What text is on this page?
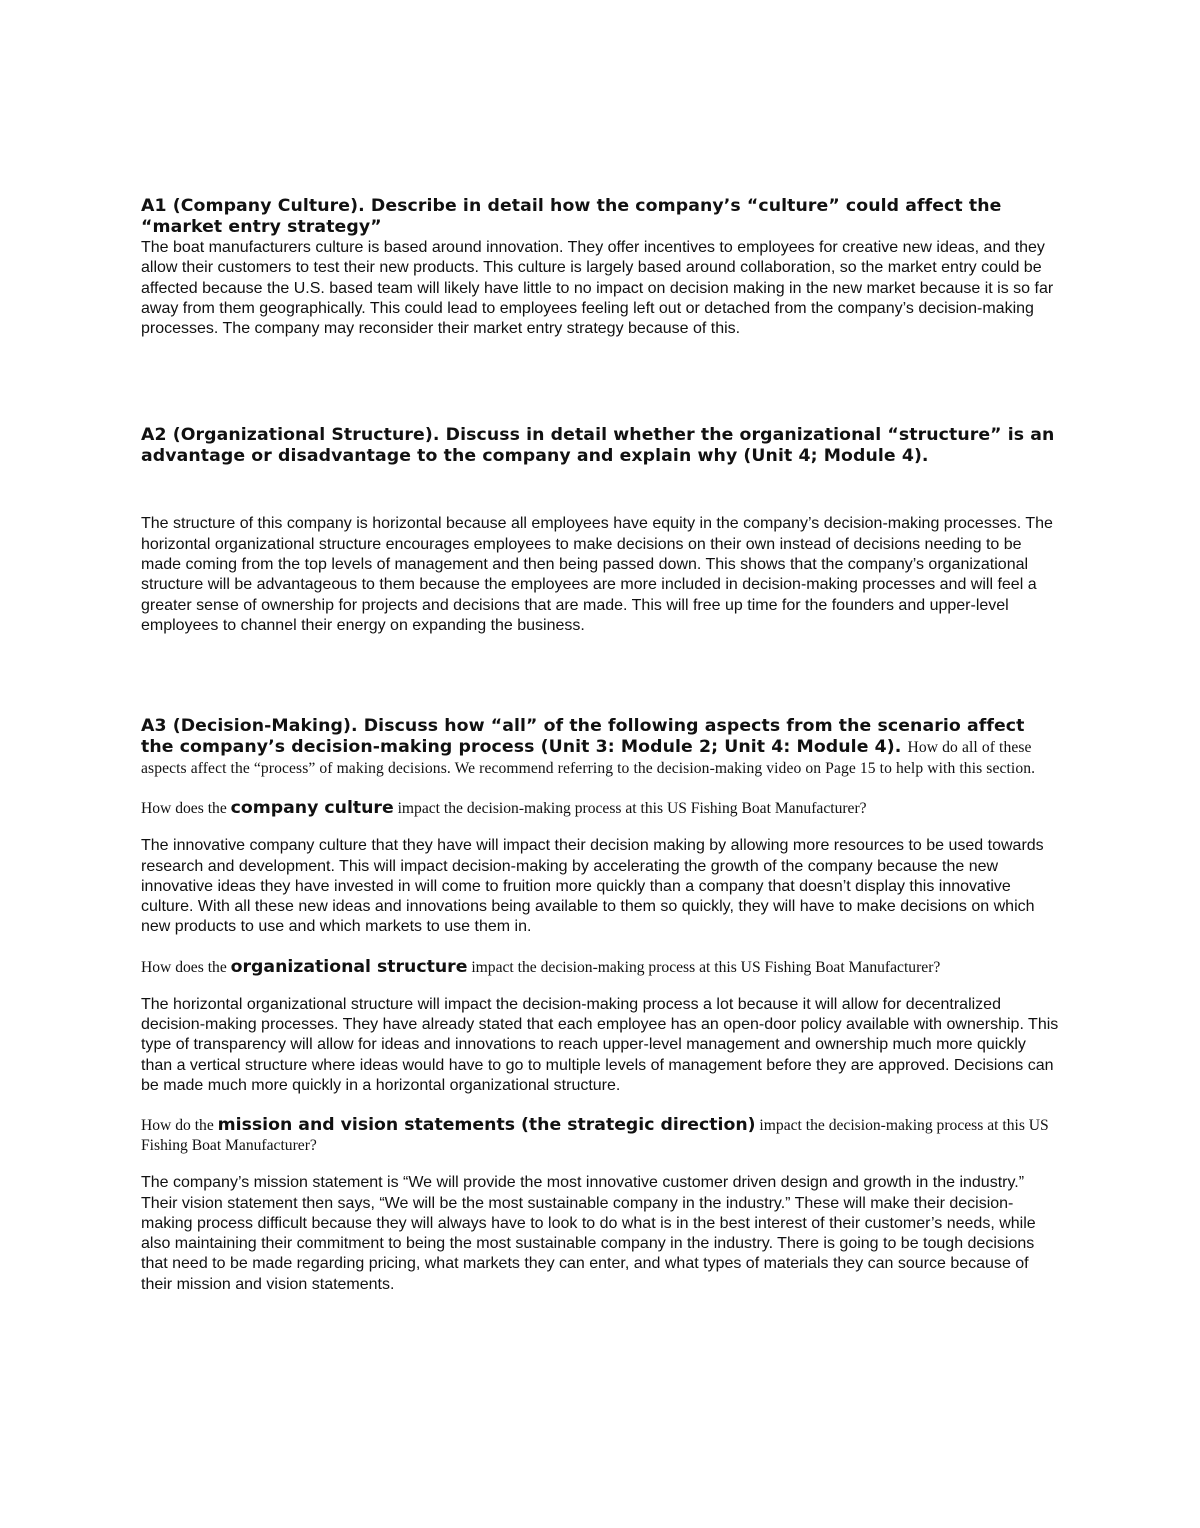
A1 (Company Culture). Describe in detail how the company’s “culture” could affect the “market entry strategy”

The boat manufacturers culture is based around innovation. They offer incentives to employees for creative new ideas, and they allow their customers to test their new products. This culture is largely based around collaboration, so the market entry could be affected because the U.S. based team will likely have little to no impact on decision making in the new market because it is so far away from them geographically. This could lead to employees feeling left out or detached from the company’s decision-making processes. The company may reconsider their market entry strategy because of this.

A2 (Organizational Structure). Discuss in detail whether the organizational “structure” is an advantage or disadvantage to the company and explain why (Unit 4; Module 4).

The structure of this company is horizontal because all employees have equity in the company’s decision-making processes. The horizontal organizational structure encourages employees to make decisions on their own instead of decisions needing to be made coming from the top levels of management and then being passed down. This shows that the company’s organizational structure will be advantageous to them because the employees are more included in decision-making processes and will feel a greater sense of ownership for projects and decisions that are made. This will free up time for the founders and upper-level employees to channel their energy on expanding the business.

A3 (Decision-Making). Discuss how “all” of the following aspects from the scenario affect the company’s decision-making process (Unit 3: Module 2; Unit 4: Module 4). How do all of these aspects affect the “process” of making decisions. We recommend referring to the decision-making video on Page 15 to help with this section.

How does the company culture impact the decision-making process at this US Fishing Boat Manufacturer?

The innovative company culture that they have will impact their decision making by allowing more resources to be used towards research and development. This will impact decision-making by accelerating the growth of the company because the new innovative ideas they have invested in will come to fruition more quickly than a company that doesn’t display this innovative culture. With all these new ideas and innovations being available to them so quickly, they will have to make decisions on which new products to use and which markets to use them in.

How does the organizational structure impact the decision-making process at this US Fishing Boat Manufacturer?

The horizontal organizational structure will impact the decision-making process a lot because it will allow for decentralized decision-making processes. They have already stated that each employee has an open-door policy available with ownership. This type of transparency will allow for ideas and innovations to reach upper-level management and ownership much more quickly than a vertical structure where ideas would have to go to multiple levels of management before they are approved. Decisions can be made much more quickly in a horizontal organizational structure.

How do the mission and vision statements (the strategic direction) impact the decision-making process at this US Fishing Boat Manufacturer?

The company’s mission statement is “We will provide the most innovative customer driven design and growth in the industry.” Their vision statement then says, “We will be the most sustainable company in the industry.” These will make their decision-making process difficult because they will always have to look to do what is in the best interest of their customer’s needs, while also maintaining their commitment to being the most sustainable company in the industry. There is going to be tough decisions that need to be made regarding pricing, what markets they can enter, and what types of materials they can source because of their mission and vision statements.
